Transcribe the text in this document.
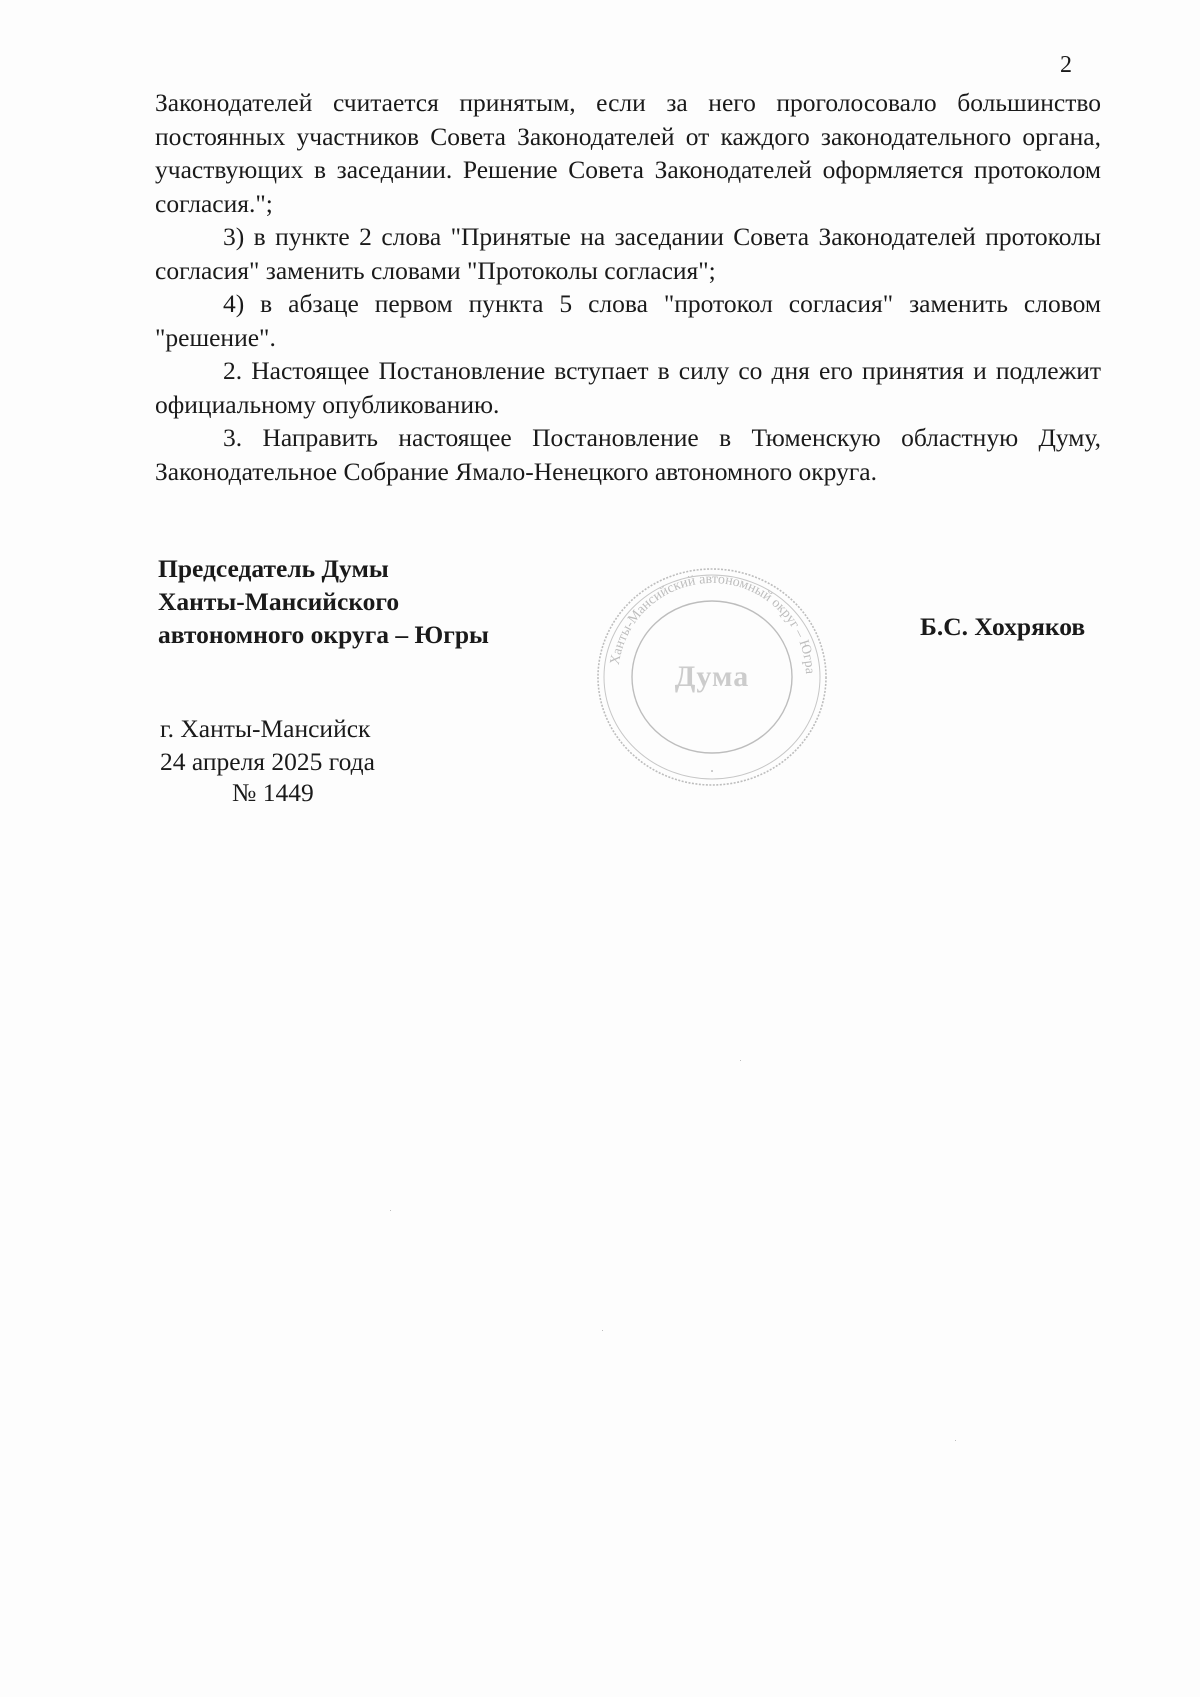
2

Законодателей считается принятым, если за него проголосовало большинство постоянных участников Совета Законодателей от каждого законодательного органа, участвующих в заседании. Решение Совета Законодателей оформляется протоколом согласия.";

3) в пункте 2 слова "Принятые на заседании Совета Законодателей протоколы согласия" заменить словами "Протоколы согласия";

4) в абзаце первом пункта 5 слова "протокол согласия" заменить словом "решение".

2. Настоящее Постановление вступает в силу со дня его принятия и подлежит официальному опубликованию.

3. Направить настоящее Постановление в Тюменскую областную Думу, Законодательное Собрание Ямало-Ненецкого автономного округа.

Председатель Думы
Ханты-Мансийского
автономного округа – Югры
Ханты-Мансийский автономный округ – Югра
Дума
•
Б.С. Хохряков
г. Ханты-Мансийск
24 апреля 2025 года
№ 1449
